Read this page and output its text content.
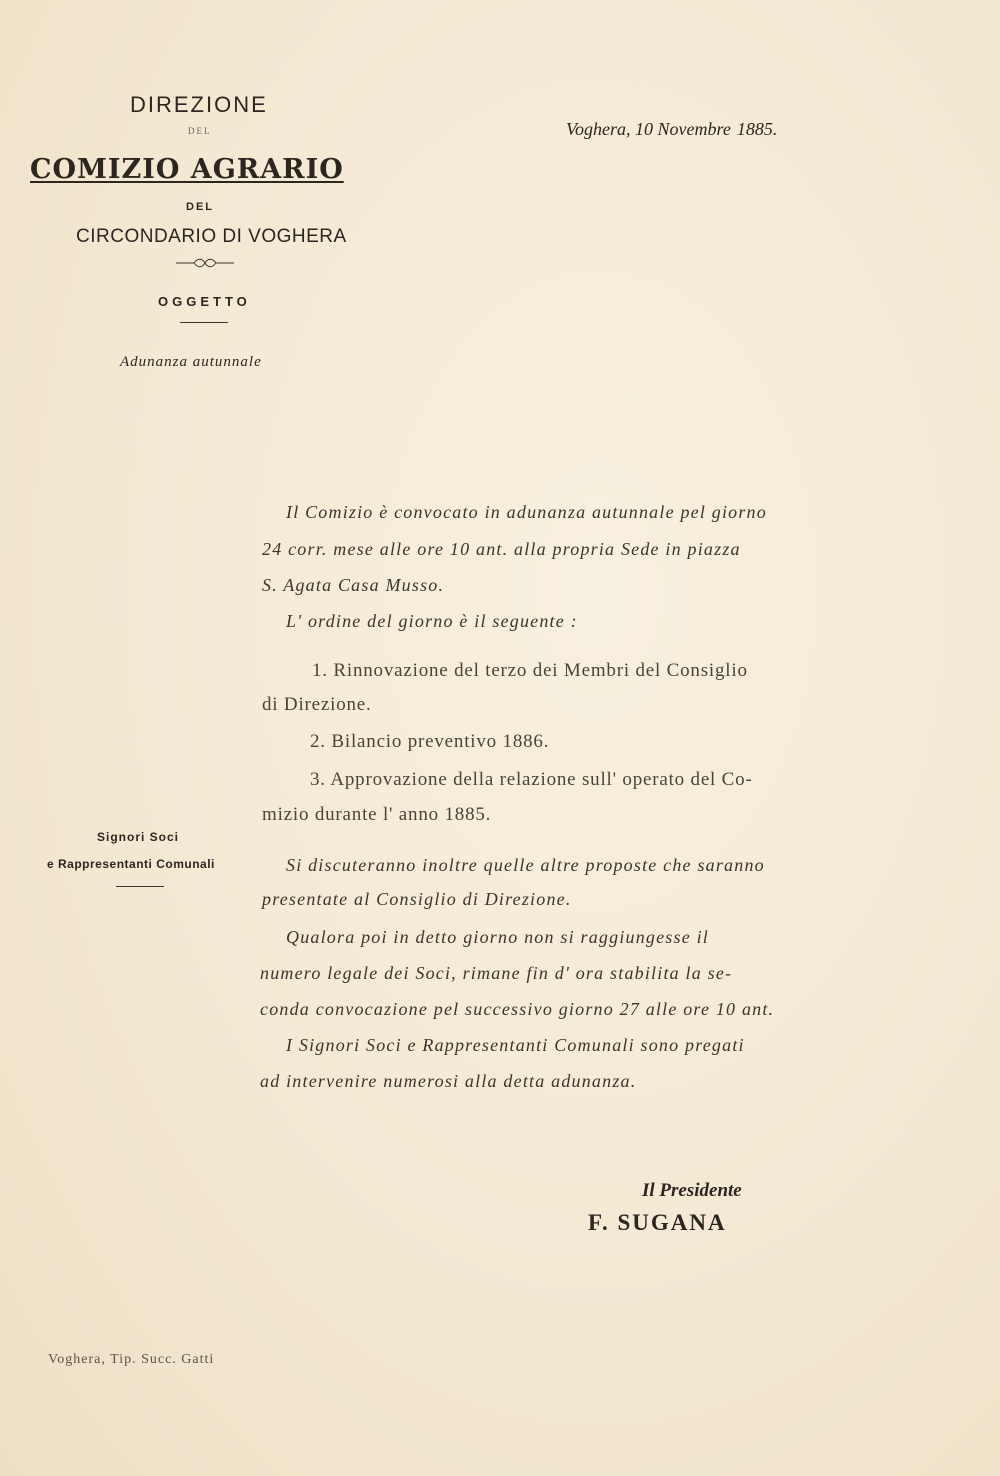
DIREZIONE
DEL
COMIZIO AGRARIO
DEL
CIRCONDARIO DI VOGHERA
OGGETTO
Adunanza autunnale
Voghera, 10 Novembre 1885.
Il Comizio è convocato in adunanza autunnale pel giorno
24 corr. mese alle ore 10 ant. alla propria Sede in piazza
S. Agata Casa Musso.
L' ordine del giorno è il seguente :
1. Rinnovazione del terzo dei Membri del Consiglio
di Direzione.
2. Bilancio preventivo 1886.
3. Approvazione della relazione sull' operato del Co-
mizio durante l' anno 1885.
Signori Soci
e Rappresentanti Comunali	Si discuteranno inoltre quelle altre proposte che saranno
presentate al Consiglio di Direzione.
Qualora poi in detto giorno non si raggiungesse il
numero legale dei Soci, rimane fin d' ora stabilita la se-
conda convocazione pel successivo giorno 27 alle ore 10 ant.
I Signori Soci e Rappresentanti Comunali sono pregati
ad intervenire numerosi alla detta adunanza.
Il Presidente
F. SUGANA
Voghera, Tip. Succ. Gatti
